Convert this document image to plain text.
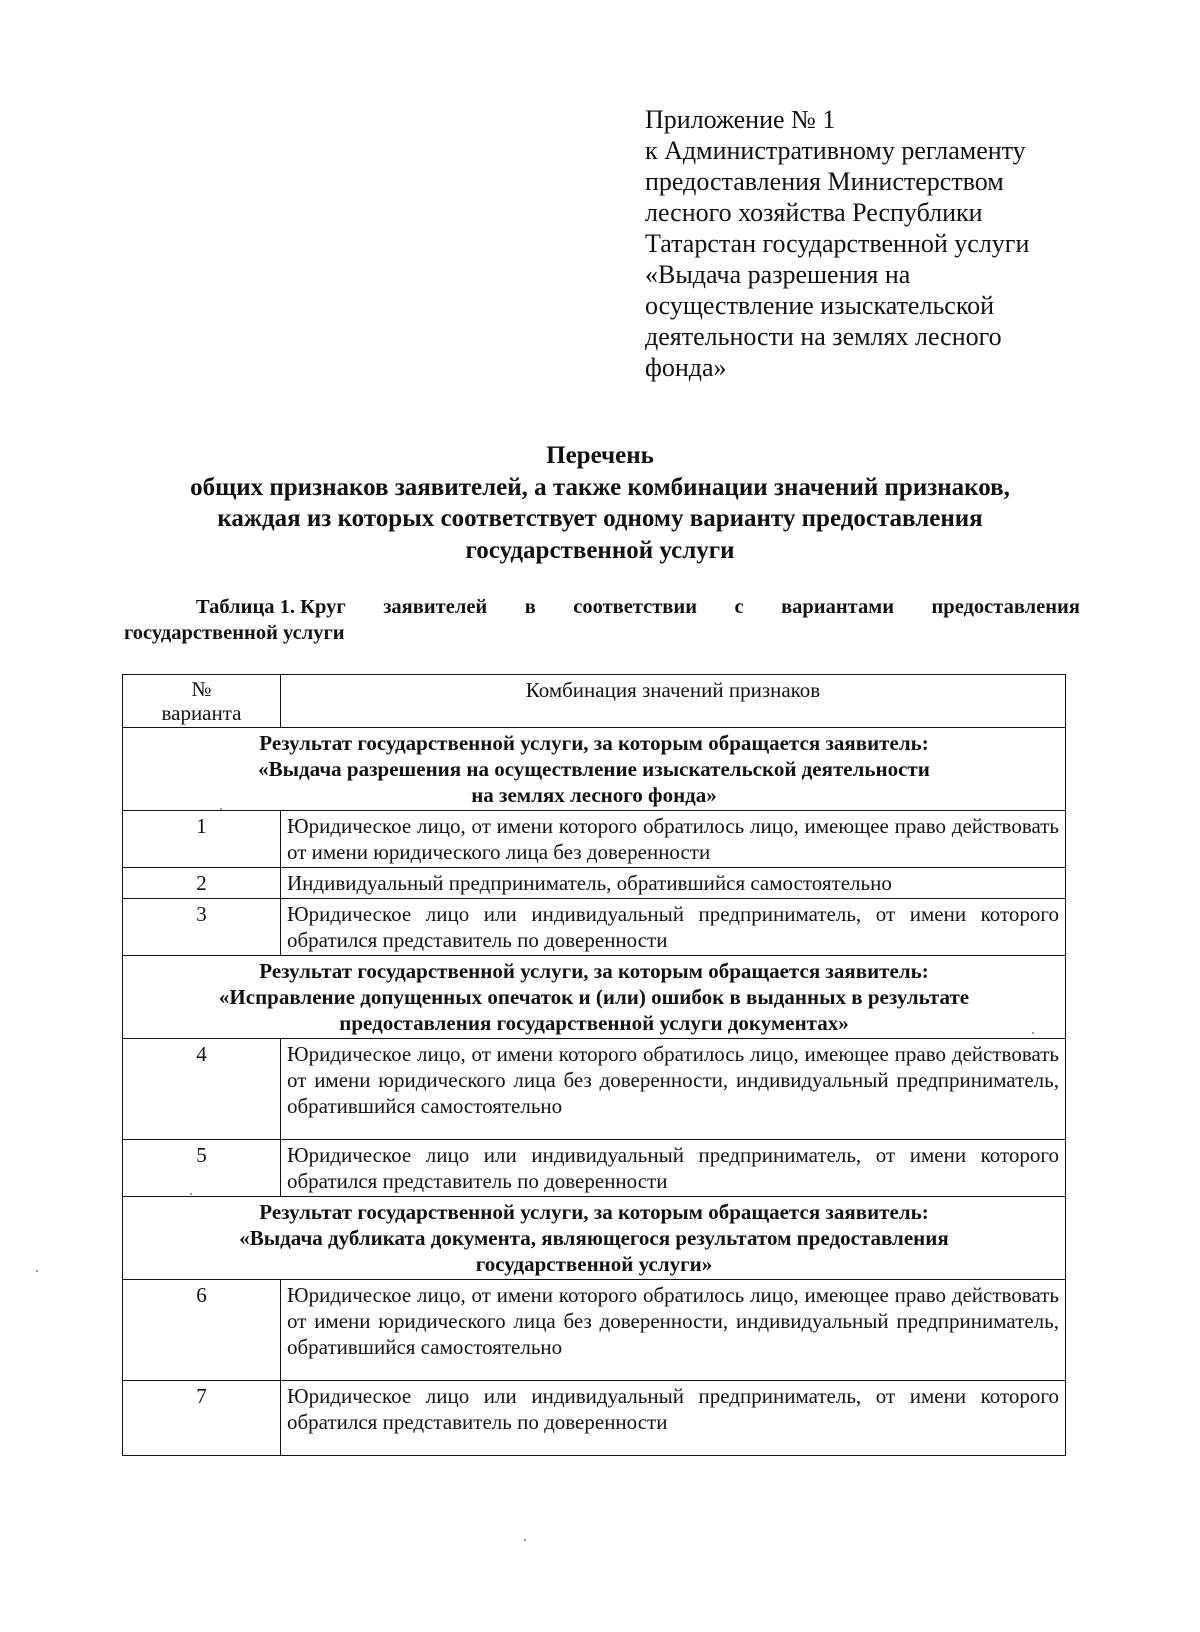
Приложение № 1
к Административному регламенту
предоставления Министерством
лесного хозяйства Республики
Татарстан государственной услуги
«Выдача разрешения на
осуществление изыскательской
деятельности на землях лесного
фонда»
Перечень
общих признаков заявителей, а также комбинации значений признаков,
каждая из которых соответствует одному варианту предоставления
государственной услуги
Таблица 1. Круг заявителей в соответствии с вариантами предоставления
государственной услуги
№
варианта	Комбинация значений признаков

Результат государственной услуги, за которым обращается заявитель:
«Выдача разрешения на осуществление изыскательской деятельности
на землях лесного фонда»	

1	Юридическое лицо, от имени которого обратилось лицо, имеющее право действовать от имени юридического лица без доверенности
2	Индивидуальный предприниматель, обратившийся самостоятельно
3	Юридическое лицо или индивидуальный предприниматель, от имени которого обратился представитель по доверенности

Результат государственной услуги, за которым обращается заявитель:
«Исправление допущенных опечаток и (или) ошибок в выданных в результате
предоставления государственной услуги документах»	

4	Юридическое лицо, от имени которого обратилось лицо, имеющее право действовать от имени юридического лица без доверенности, индивидуальный предприниматель, обратившийся самостоятельно
5	Юридическое лицо или индивидуальный предприниматель, от имени которого обратился представитель по доверенности

Результат государственной услуги, за которым обращается заявитель:
«Выдача дубликата документа, являющегося результатом предоставления
государственной услуги»	

6	Юридическое лицо, от имени которого обратилось лицо, имеющее право действовать от имени юридического лица без доверенности, индивидуальный предприниматель, обратившийся самостоятельно
7	Юридическое лицо или индивидуальный предприниматель, от имени которого обратился представитель по доверенности
